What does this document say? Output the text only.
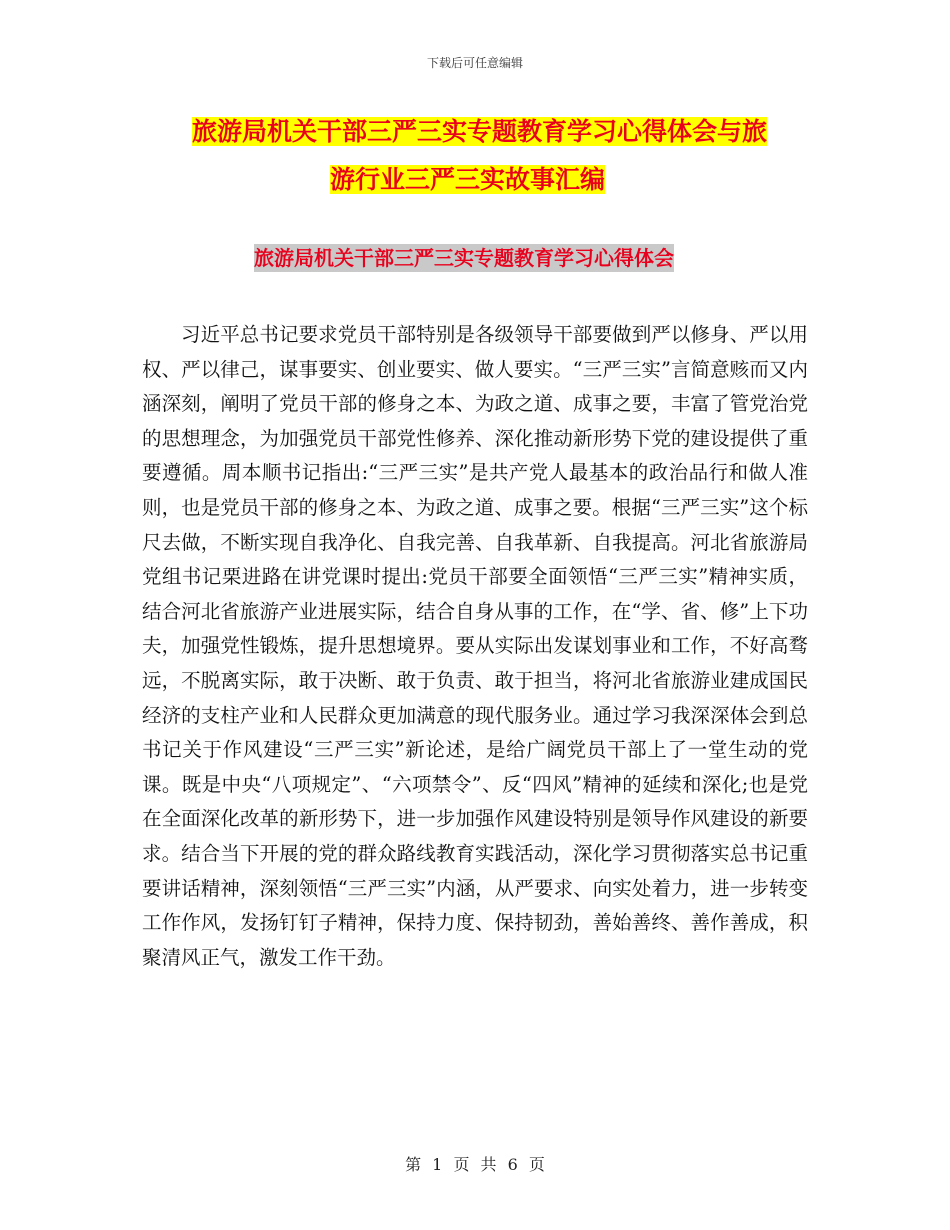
下载后可任意编辑
旅游局机关干部三严三实专题教育学习心得体会与旅
游行业三严三实故事汇编
旅游局机关干部三严三实专题教育学习心得体会

习近平总书记要求党员干部特别是各级领导干部要做到严以修身、严以用权、严以律己，谋事要实、创业要实、做人要实。“三严三实”言简意赅而又内涵深刻，阐明了党员干部的修身之本、为政之道、成事之要，丰富了管党治党的思想理念，为加强党员干部党性修养、深化推动新形势下党的建设提供了重要遵循。周本顺书记指出:“三严三实”是共产党人最基本的政治品行和做人准则，也是党员干部的修身之本、为政之道、成事之要。根据“三严三实”这个标尺去做，不断实现自我净化、自我完善、自我革新、自我提高。河北省旅游局党组书记栗进路在讲党课时提出:党员干部要全面领悟“三严三实”精神实质，结合河北省旅游产业进展实际，结合自身从事的工作，在“学、省、修”上下功夫，加强党性锻炼，提升思想境界。要从实际出发谋划事业和工作，不好高骛远，不脱离实际，敢于决断、敢于负责、敢于担当，将河北省旅游业建成国民经济的支柱产业和人民群众更加满意的现代服务业。通过学习我深深体会到总书记关于作风建设“三严三实”新论述，是给广阔党员干部上了一堂生动的党课。既是中央“八项规定”、“六项禁令”、反“四风”精神的延续和深化;也是党在全面深化改革的新形势下，进一步加强作风建设特别是领导作风建设的新要求。结合当下开展的党的群众路线教育实践活动，深化学习贯彻落实总书记重要讲话精神，深刻领悟“三严三实”内涵，从严要求、向实处着力，进一步转变工作作风，发扬钉钉子精神，保持力度、保持韧劲，善始善终、善作善成，积聚清风正气，激发工作干劲。

第 1 页 共 6 页
